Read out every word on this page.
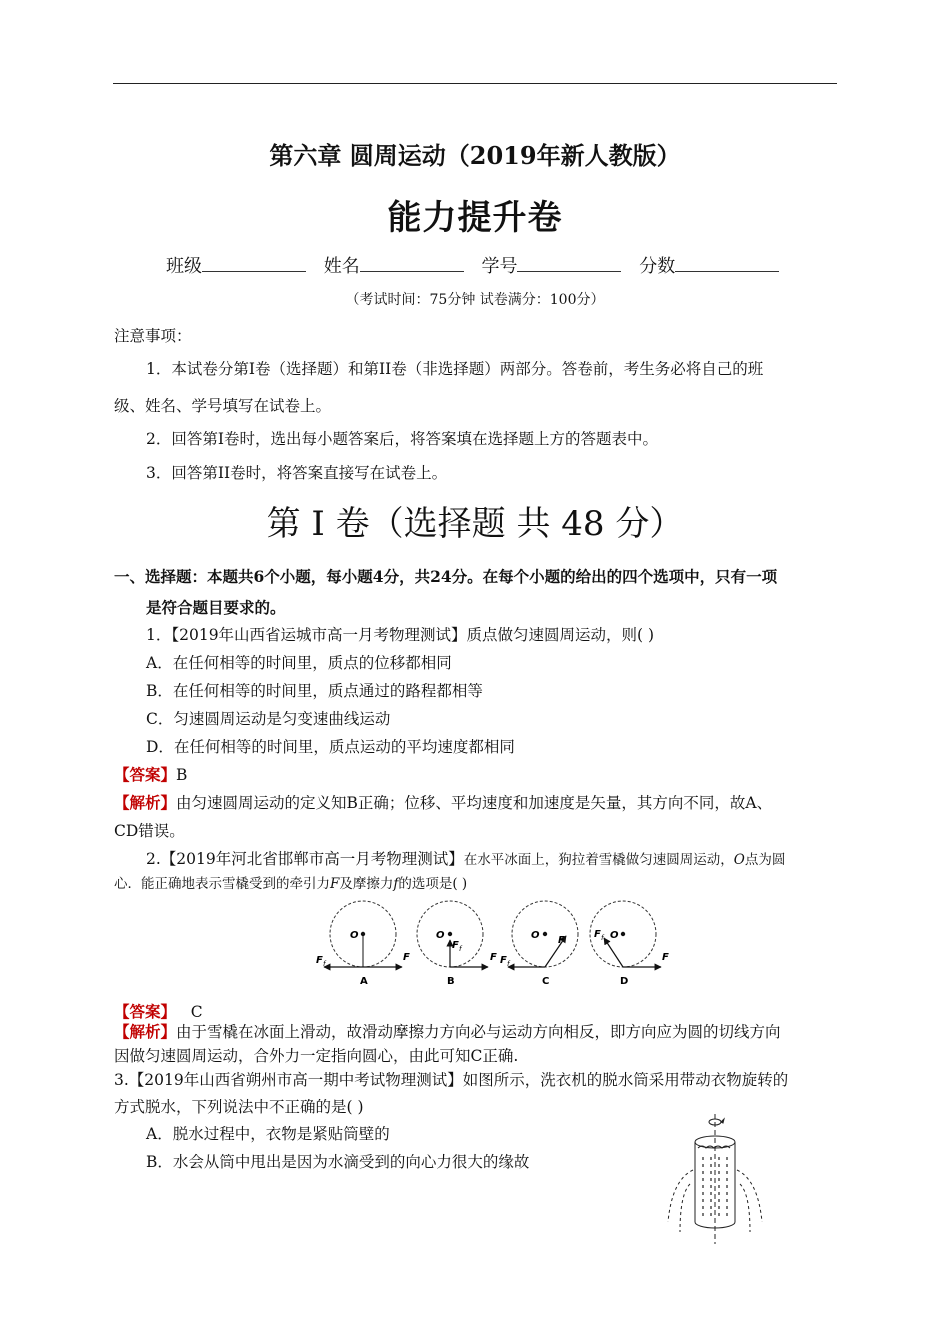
第六章 圆周运动（2019年新人教版）
能力提升卷
班级	姓名	学号	分数
（考试时间：75分钟 试卷满分：100分）
注意事项：
1．本试卷分第I卷（选择题）和第II卷（非选择题）两部分。答卷前，考生务必将自己的班
级、姓名、学号填写在试卷上。
2．回答第I卷时，选出每小题答案后，将答案填在选择题上方的答题表中。
3．回答第II卷时，将答案直接写在试卷上。
第 I 卷（选择题 共 48 分）
一、选择题：本题共6个小题，每小题4分，共24分。在每个小题的给出的四个选项中，只有一项
是符合题目要求的。
1．【2019年山西省运城市高一月考物理测试】质点做匀速圆周运动，则( )
A．在任何相等的时间里，质点的位移都相同
B．在任何相等的时间里，质点通过的路程都相等
C．匀速圆周运动是匀变速曲线运动
D．在任何相等的时间里，质点运动的平均速度都相同
【答案】B
【解析】由匀速圆周运动的定义知B正确；位移、平均速度和加速度是矢量，其方向不同，故A、
CD错误。
2.【2019年河北省邯郸市高一月考物理测试】在水平冰面上，狗拉着雪橇做匀速圆周运动，O点为圆
心．能正确地表示雪橇受到的牵引力F及摩擦力f的选项是( )
O
F
F f
A
O
F f
F
B
O F
F f
C
O
F f
F
D
【答案】 C
【解析】由于雪橇在冰面上滑动，故滑动摩擦力方向必与运动方向相反，即方向应为圆的切线方向
因做匀速圆周运动，合外力一定指向圆心，由此可知C正确.
3.【2019年山西省朔州市高一期中考试物理测试】如图所示，洗衣机的脱水筒采用带动衣物旋转的
方式脱水，下列说法中不正确的是( )
A．脱水过程中，衣物是紧贴筒壁的
B．水会从筒中甩出是因为水滴受到的向心力很大的缘故
